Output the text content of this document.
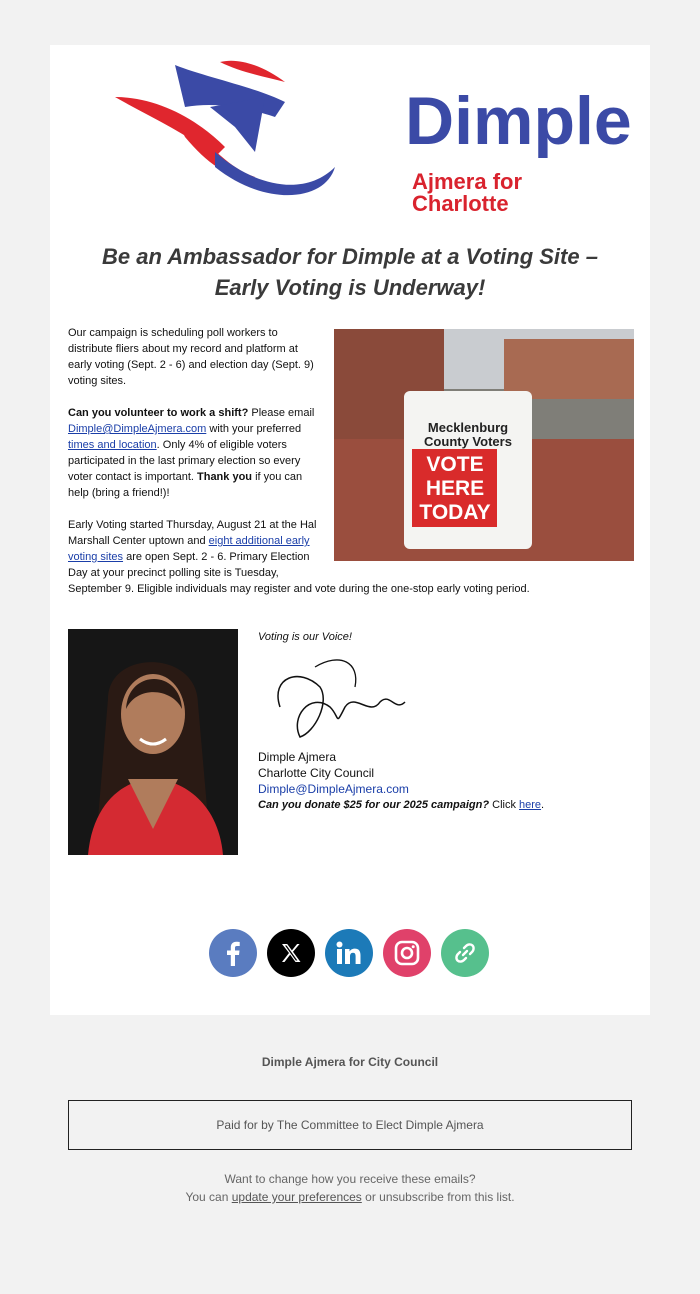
Dimple
Ajmera for Charlotte
Be an Ambassador for Dimple at a Voting Site –
Early Voting is Underway!
Mecklenburg
County Voters
VOTE
HERE
TODAY

Our campaign is scheduling poll workers to distribute fliers about my record and platform at early voting (Sept. 2 - 6) and election day (Sept. 9) voting sites.

Can you volunteer to work a shift? Please email Dimple@DimpleAjmera.com with your preferred times and location. Only 4% of eligible voters participated in the last primary election so every voter contact is important. Thank you if you can help (bring a friend!)!

Early Voting started Thursday, August 21 at the Hal Marshall Center uptown and eight additional early voting sites are open Sept. 2 - 6. Primary Election Day at your precinct polling site is Tuesday, September 9. Eligible individuals may register and vote during the one-stop early voting period.

Voting is our Voice!
Dimple Ajmera
Charlotte City Council
Dimple@DimpleAjmera.com
Can you donate $25 for our 2025 campaign? Click here.
Dimple Ajmera for City Council
Paid for by The Committee to Elect Dimple Ajmera
Want to change how you receive these emails?
You can update your preferences or unsubscribe from this list.
